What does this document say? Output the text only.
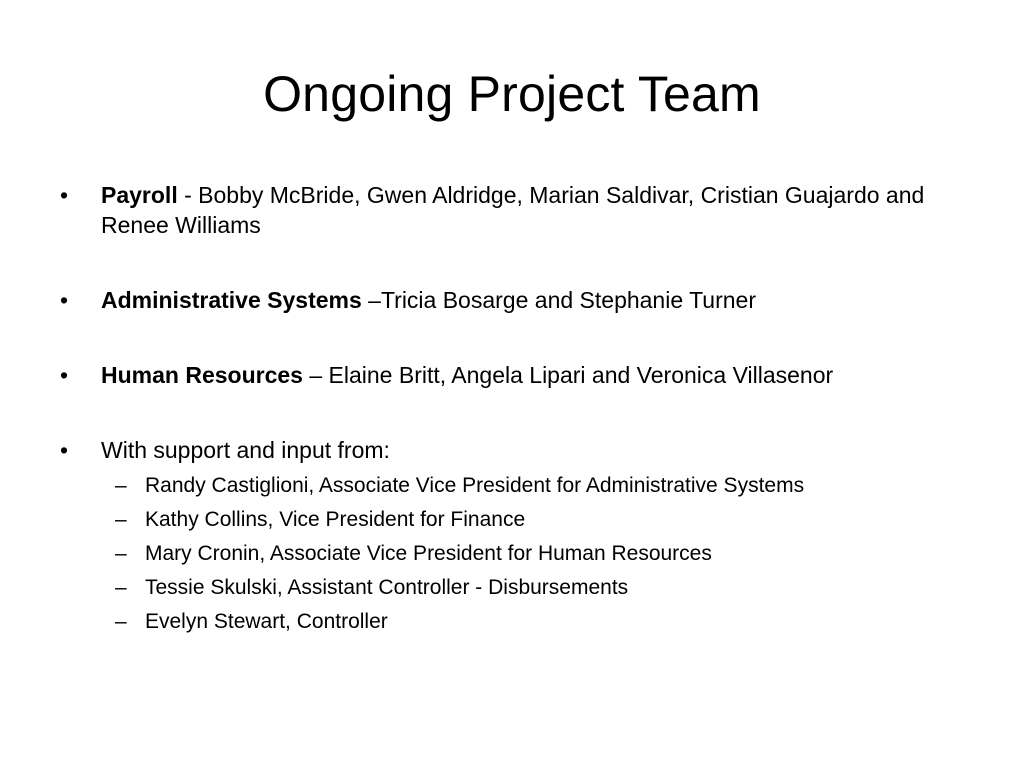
Ongoing Project Team
•	Payroll - Bobby McBride, Gwen Aldridge, Marian Saldivar, Cristian Guajardo and Renee Williams
•	Administrative Systems –Tricia Bosarge and Stephanie Turner
•	Human Resources – Elaine Britt, Angela Lipari and Veronica Villasenor
•	With support and input from:
– Randy Castiglioni, Associate Vice President for Administrative Systems
– Kathy Collins, Vice President for Finance
– Mary Cronin, Associate Vice President for Human Resources
– Tessie Skulski, Assistant Controller - Disbursements
– Evelyn Stewart, Controller
